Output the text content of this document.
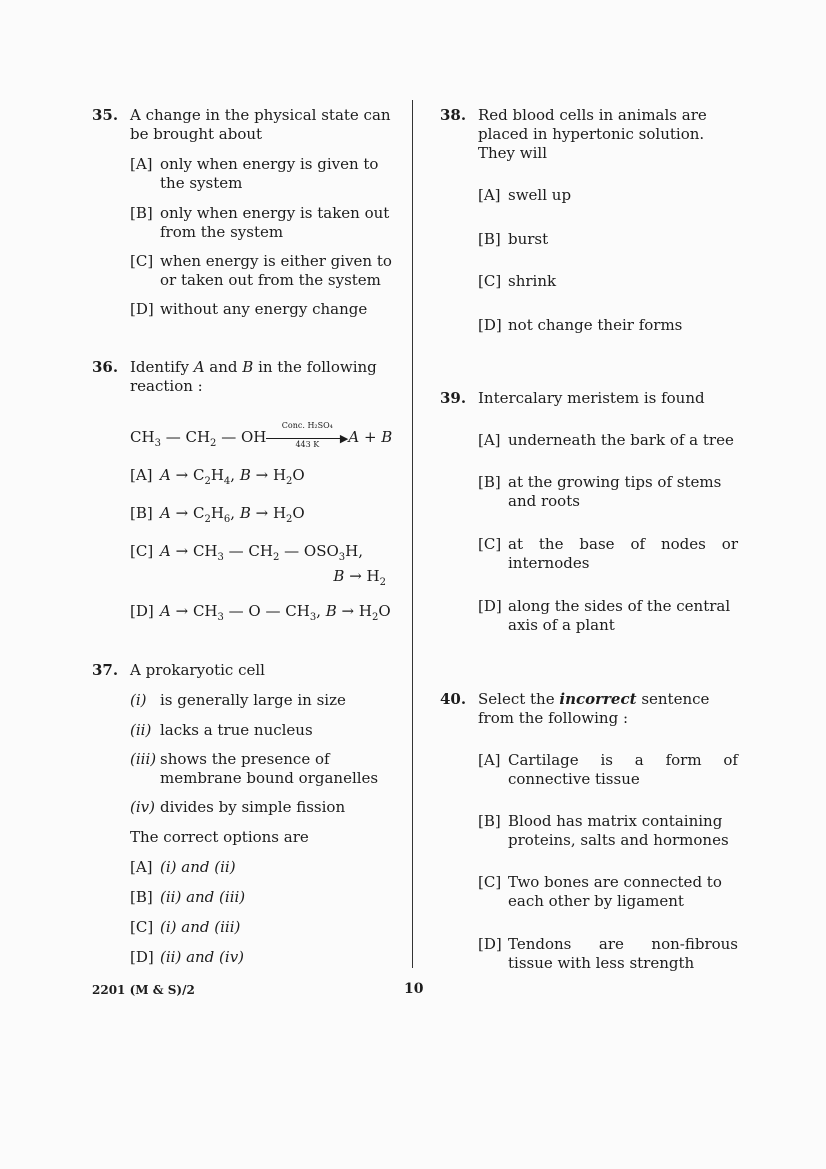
35. A change in the physical state can be brought about
[A] only when energy is given to the system
[B] only when energy is taken out from the system
[C] when energy is either given to or taken out from the system
[D] without any energy change
36. Identify A and B in the following reaction :
$CH_3$ — $CH_2$ — OH
Conc. H₂SO₄
▶
443 K	A + B
[A] $A \to C_2H_4$, $B \to H_2O$
[B] $A \to C_2H_6$, $B \to H_2O$
[C] $A \to CH_3$ — $CH_2$ — $OSO_3H$,

$B \to H_2$
[D] $A \to CH_3$ — O — $CH_3$, $B \to H_2O$
37. A prokaryotic cell
(i) is generally large in size
(ii) lacks a true nucleus
(iii) shows the presence of membrane bound organelles
(iv) divides by simple fission
The correct options are
[A] (i) and (ii)
[B] (ii) and (iii)
[C] (i) and (iii)
[D] (ii) and (iv)
38. Red blood cells in animals are placed in hypertonic solution. They will
[A] swell up
[B] burst
[C] shrink
[D] not change their forms
39. Intercalary meristem is found
[A] underneath the bark of a tree
[B] at the growing tips of stems and roots
[C] at the base of nodes or internodes
[D] along the sides of the central axis of a plant
40. Select the incorrect sentence from the following :
[A] Cartilage is a form of connective tissue
[B] Blood has matrix containing proteins, salts and hormones
[C] Two bones are connected to each other by ligament
[D] Tendons are non-fibrous tissue with less strength
2201 (M & S)/2	10
